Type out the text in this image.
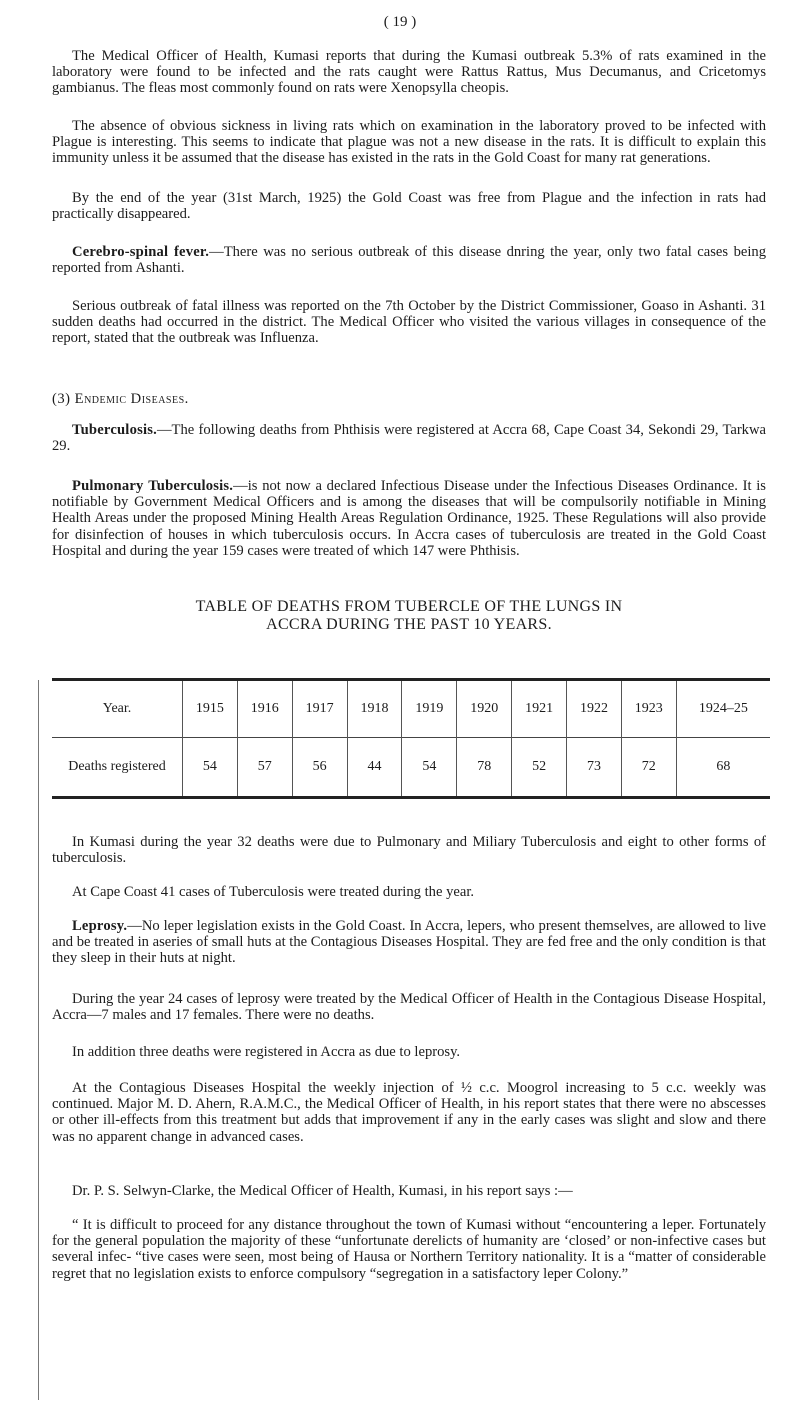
( 19 )

The Medical Officer of Health, Kumasi reports that during the Kumasi outbreak 5.3% of rats examined in the laboratory were found to be infected and the rats caught were Rattus Rattus, Mus Decumanus, and Cricetomys gambianus. The fleas most commonly found on rats were Xenopsylla cheopis.

The absence of obvious sickness in living rats which on examination in the laboratory proved to be infected with Plague is interesting. This seems to indicate that plague was not a new disease in the rats. It is difficult to explain this immunity unless it be assumed that the disease has existed in the rats in the Gold Coast for many rat generations.

By the end of the year (31st March, 1925) the Gold Coast was free from Plague and the infection in rats had practically disappeared.

Cerebro-spinal fever.—There was no serious outbreak of this disease dnring the year, only two fatal cases being reported from Ashanti.

Serious outbreak of fatal illness was reported on the 7th October by the District Commissioner, Goaso in Ashanti. 31 sudden deaths had occurred in the district. The Medical Officer who visited the various villages in consequence of the report, stated that the outbreak was Influenza.

(3) Endemic Diseases.

Tuberculosis.—The following deaths from Phthisis were registered at Accra 68, Cape Coast 34, Sekondi 29, Tarkwa 29.

Pulmonary Tuberculosis.—is not now a declared Infectious Disease under the Infectious Diseases Ordinance. It is notifiable by Government Medical Officers and is among the diseases that will be compulsorily notifiable in Mining Health Areas under the proposed Mining Health Areas Regulation Ordinance, 1925. These Regulations will also provide for disinfection of houses in which tuberculosis occurs. In Accra cases of tuberculosis are treated in the Gold Coast Hospital and during the year 159 cases were treated of which 147 were Phthisis.

TABLE OF DEATHS FROM TUBERCLE OF THE LUNGS IN
ACCRA DURING THE PAST 10 YEARS.
Year.	1915	1916	1917	1918	1919	1920	1921	1922	1923	1924–25
Deaths registered	54	57	56	44	54	78	52	73	72	68

In Kumasi during the year 32 deaths were due to Pulmonary and Miliary Tuberculosis and eight to other forms of tuberculosis.

At Cape Coast 41 cases of Tuberculosis were treated during the year.

Leprosy.—No leper legislation exists in the Gold Coast. In Accra, lepers, who present themselves, are allowed to live and be treated in aseries of small huts at the Contagious Diseases Hospital. They are fed free and the only condition is that they sleep in their huts at night.

During the year 24 cases of leprosy were treated by the Medical Officer of Health in the Contagious Disease Hospital, Accra—7 males and 17 females. There were no deaths.

In addition three deaths were registered in Accra as due to leprosy.

At the Contagious Diseases Hospital the weekly injection of ½ c.c. Moogrol increasing to 5 c.c. weekly was continued. Major M. D. Ahern, R.A.M.C., the Medical Officer of Health, in his report states that there were no abscesses or other ill-effects from this treatment but adds that improvement if any in the early cases was slight and slow and there was no apparent change in advanced cases.

Dr. P. S. Selwyn-Clarke, the Medical Officer of Health, Kumasi, in his report says :—

“ It is difficult to proceed for any distance throughout the town of Kumasi without “encountering a leper. Fortunately for the general population the majority of these “unfortunate derelicts of humanity are ‘closed’ or non-infective cases but several infec- “tive cases were seen, most being of Hausa or Northern Territory nationality. It is a “matter of considerable regret that no legislation exists to enforce compulsory “segregation in a satisfactory leper Colony.”
